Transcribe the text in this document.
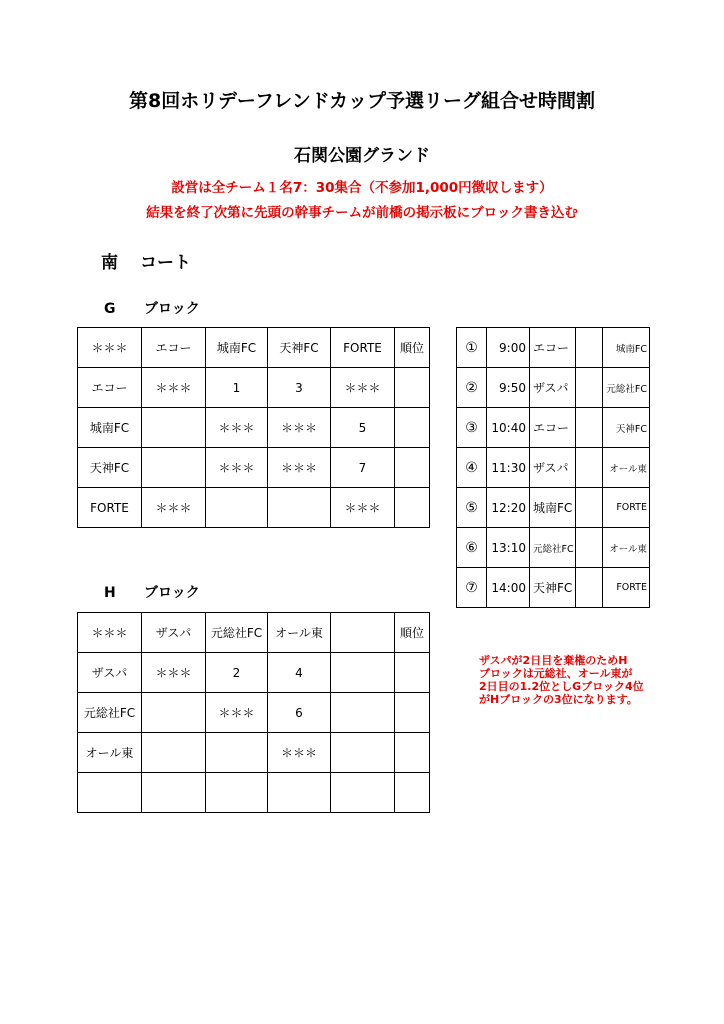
第8回ホリデーフレンドカップ予選リーグ組合せ時間割
石関公園グランド
設営は全チーム１名7：30集合（不参加1,000円徴収します）
結果を終了次第に先頭の幹事チームが前橋の掲示板にブロック書き込む
南 コート
G ブロック
＊＊＊	エコー	城南FC	天神FC	FORTE	順位
エコー	＊＊＊	1	3	＊＊＊	
城南FC		＊＊＊	＊＊＊	5	
天神FC		＊＊＊	＊＊＊	7	
FORTE	＊＊＊			＊＊＊	
H ブロック
＊＊＊	ザスパ	元総社FC	オール東		順位
ザスパ	＊＊＊	2	4		
元総社FC		＊＊＊	6		
オール東			＊＊＊		

①	9:00	エコー		城南FC
②	9:50	ザスパ		元総社FC
③	10:40	エコー		天神FC
④	11:30	ザスパ		オール東
⑤	12:20	城南FC		FORTE
⑥	13:10	元総社FC		オール東
⑦	14:00	天神FC		FORTE
ザスパが2日目を棄権のためH
ブロックは元総社、オール東が
2日目の1.2位としGブロック4位
がHブロックの3位になります。
